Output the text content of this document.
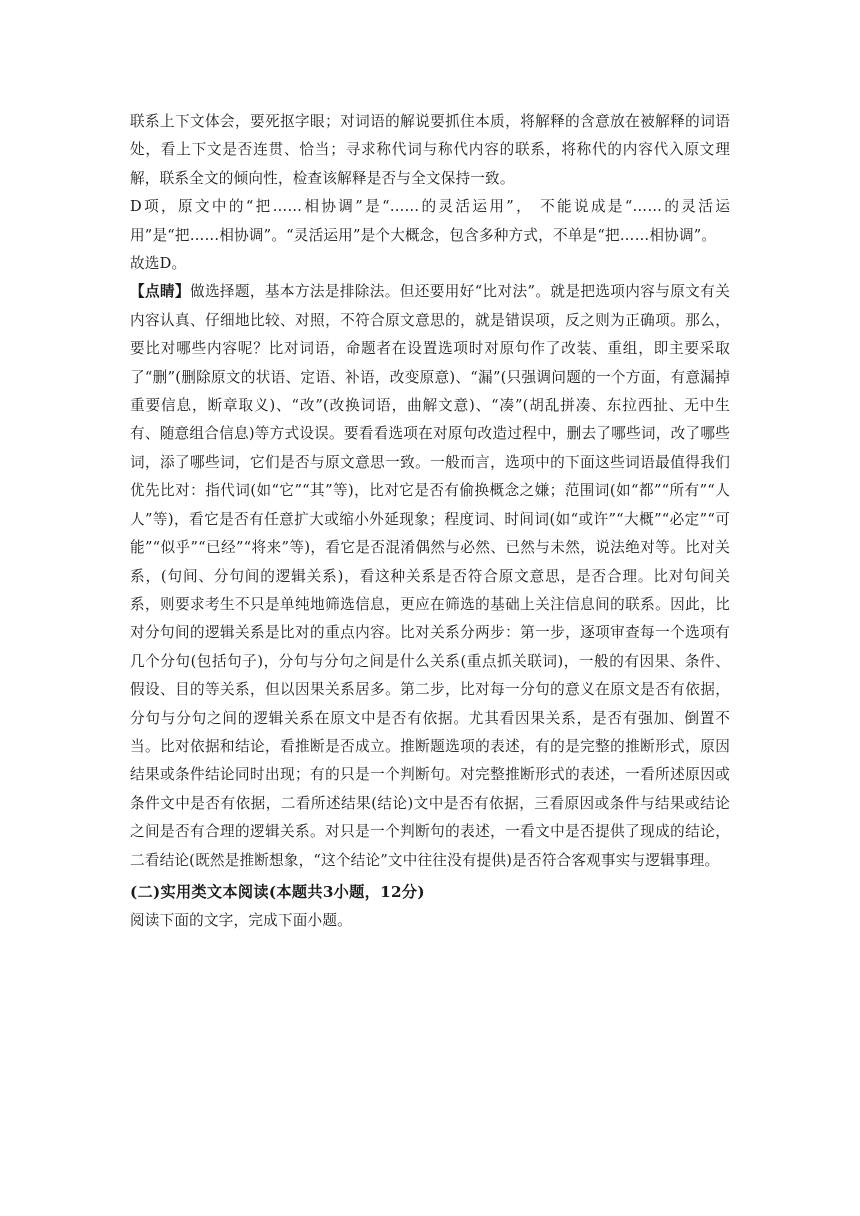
联系上下文体会，要死抠字眼；对词语的解说要抓住本质，将解释的含意放在被解释的词语处，看上下文是否连贯、恰当；寻求称代词与称代内容的联系，将称代的内容代入原文理解，联系全文的倾向性，检查该解释是否与全文保持一致。

D项，原文中的“把……相协调”是“……的灵活运用”， 不能说成是“……的灵活运用”是“把……相协调”。“灵活运用”是个大概念，包含多种方式，不单是“把……相协调”。

故选D。

【点睛】做选择题，基本方法是排除法。但还要用好“比对法”。就是把选项内容与原文有关内容认真、仔细地比较、对照，不符合原文意思的，就是错误项，反之则为正确项。那么，要比对哪些内容呢？比对词语，命题者在设置选项时对原句作了改装、重组，即主要采取了“删”(删除原文的状语、定语、补语，改变原意)、“漏”(只强调问题的一个方面，有意漏掉重要信息，断章取义)、“改”(改换词语，曲解文意)、“凑”(胡乱拼凑、东拉西扯、无中生有、随意组合信息)等方式设误。要看看选项在对原句改造过程中，删去了哪些词，改了哪些词，添了哪些词，它们是否与原文意思一致。一般而言，选项中的下面这些词语最值得我们优先比对：指代词(如“它”“其”等)，比对它是否有偷换概念之嫌；范围词(如“都”“所有”“人人”等)，看它是否有任意扩大或缩小外延现象；程度词、时间词(如“或许”“大概”“必定”“可能”“似乎”“已经”“将来”等)，看它是否混淆偶然与必然、已然与未然，说法绝对等。比对关系，(句间、分句间的逻辑关系)，看这种关系是否符合原文意思，是否合理。比对句间关系，则要求考生不只是单纯地筛选信息，更应在筛选的基础上关注信息间的联系。因此，比对分句间的逻辑关系是比对的重点内容。比对关系分两步：第一步，逐项审查每一个选项有几个分句(包括句子)，分句与分句之间是什么关系(重点抓关联词)，一般的有因果、条件、假设、目的等关系，但以因果关系居多。第二步，比对每一分句的意义在原文是否有依据，分句与分句之间的逻辑关系在原文中是否有依据。尤其看因果关系，是否有强加、倒置不当。比对依据和结论，看推断是否成立。推断题选项的表述，有的是完整的推断形式，原因结果或条件结论同时出现；有的只是一个判断句。对完整推断形式的表述，一看所述原因或条件文中是否有依据，二看所述结果(结论)文中是否有依据，三看原因或条件与结果或结论之间是否有合理的逻辑关系。对只是一个判断句的表述，一看文中是否提供了现成的结论，二看结论(既然是推断想象，“这个结论”文中往往没有提供)是否符合客观事实与逻辑事理。

(二)实用类文本阅读(本题共3小题，12分)

阅读下面的文字，完成下面小题。
